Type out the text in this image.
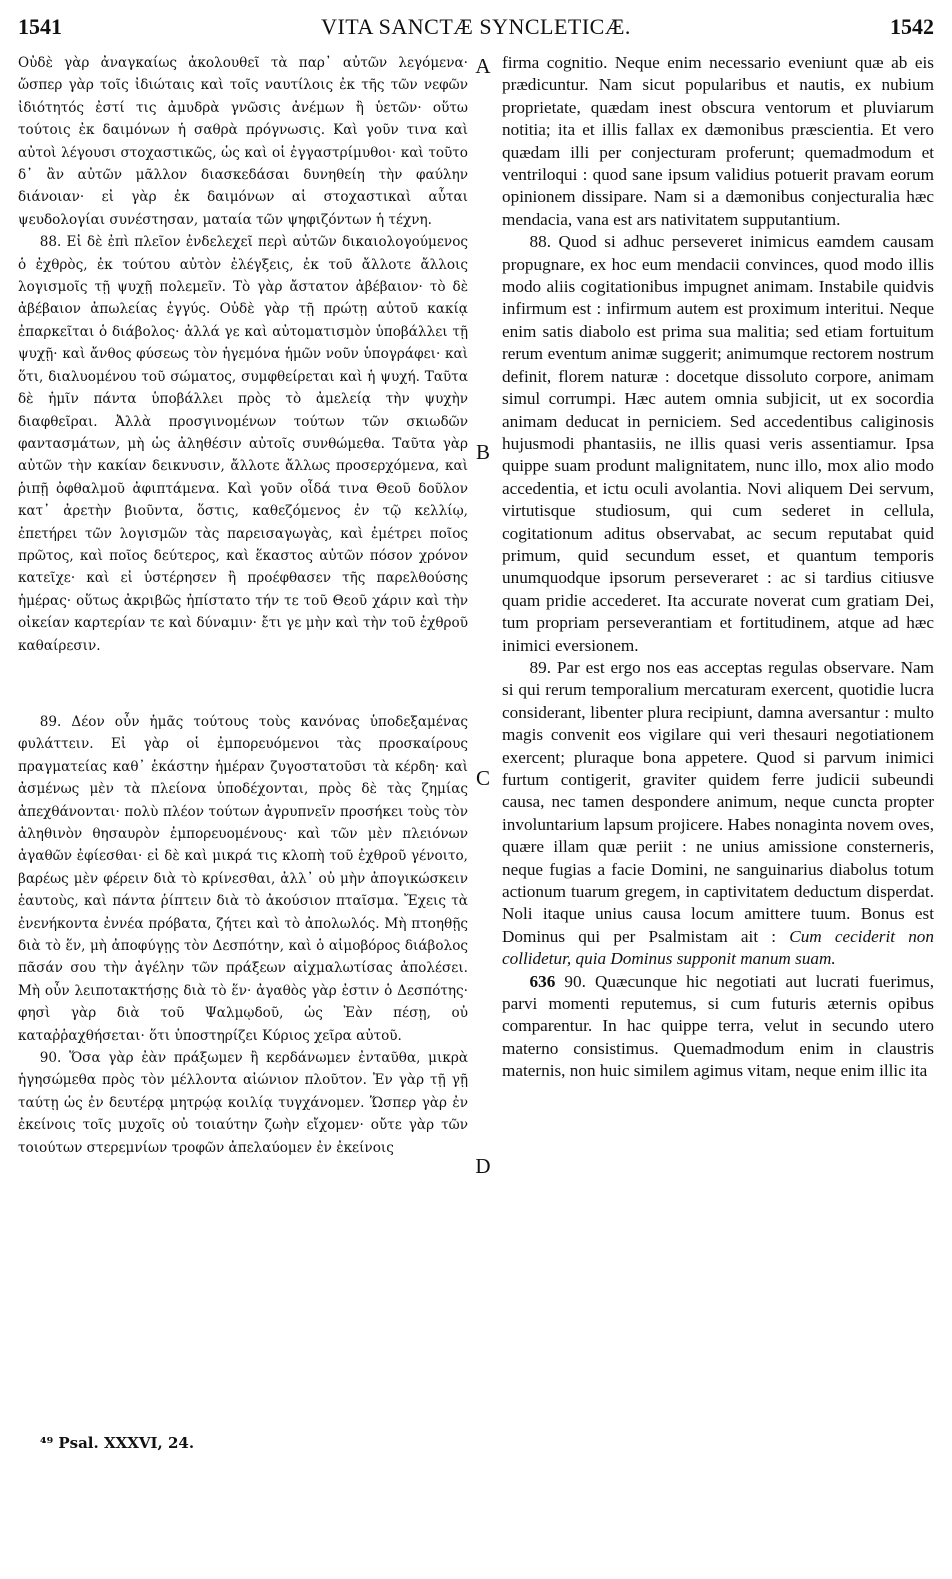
1541	VITA SANCTÆ SYNCLETICÆ.	1542

Οὐδὲ γὰρ ἀναγκαίως ἀκολουθεῖ τὰ παρ᾽ αὐτῶν λεγόμενα· ὥσπερ γὰρ τοῖς ἰδιώταις καὶ τοῖς ναυτίλοις ἐκ τῆς τῶν νεφῶν ἰδιότητός ἐστί τις ἀμυδρὰ γνῶσις ἀνέμων ἢ ὑετῶν· οὕτω τούτοις ἐκ δαιμόνων ἡ σαθρὰ πρόγνωσις. Καὶ γοῦν τινα καὶ αὐτοὶ λέγουσι στοχαστικῶς, ὡς καὶ οἱ ἐγγαστρίμυθοι· καὶ τοῦτο δ᾽ ἂν αὐτῶν μᾶλλον διασκεδάσαι δυνηθείη τὴν φαύλην διάνοιαν· εἰ γὰρ ἐκ δαιμόνων αἱ στοχαστικαὶ αὗται ψευδολογίαι συνέστησαν, ματαία τῶν ψηφιζόντων ἡ τέχνη.

88. Εἰ δὲ ἐπὶ πλεῖον ἐνδελεχεῖ περὶ αὐτῶν δικαιολογούμενος ὁ ἐχθρὸς, ἐκ τούτου αὐτὸν ἐλέγξεις, ἐκ τοῦ ἄλλοτε ἄλλοις λογισμοῖς τῇ ψυχῇ πολεμεῖν. Τὸ γὰρ ἄστατον ἀβέβαιον· τὸ δὲ ἀβέβαιον ἀπωλείας ἐγγύς. Οὐδὲ γὰρ τῇ πρώτῃ αὐτοῦ κακίᾳ ἐπαρκεῖται ὁ διάβολος· ἀλλά γε καὶ αὐτοματισμὸν ὑποβάλλει τῇ ψυχῇ· καὶ ἄνθος φύσεως τὸν ἡγεμόνα ἡμῶν νοῦν ὑπογράφει· καὶ ὅτι, διαλυομένου τοῦ σώματος, συμφθείρεται καὶ ἡ ψυχή. Ταῦτα δὲ ἡμῖν πάντα ὑποβάλλει πρὸς τὸ ἀμελείᾳ τὴν ψυχὴν διαφθεῖραι. Ἀλλὰ προσγινομένων τούτων τῶν σκιωδῶν φαντασμάτων, μὴ ὡς ἀληθέσιν αὐτοῖς συνθώμεθα. Ταῦτα γὰρ αὐτῶν τὴν κακίαν δεικνυσιν, ἄλλοτε ἄλλως προσερχόμενα, καὶ ῥιπῇ ὀφθαλμοῦ ἀφιπτάμενα. Καὶ γοῦν οἶδά τινα Θεοῦ δοῦλον κατ᾽ ἀρετὴν βιοῦντα, ὅστις, καθεζόμενος ἐν τῷ κελλίῳ, ἐπετήρει τῶν λογισμῶν τὰς παρεισαγωγὰς, καὶ ἐμέτρει ποῖος πρῶτος, καὶ ποῖος δεύτερος, καὶ ἕκαστος αὐτῶν πόσον χρόνον κατεῖχε· καὶ εἰ ὑστέρησεν ἢ προέφθασεν τῆς παρελθούσης ἡμέρας· οὕτως ἀκριβῶς ἠπίστατο τήν τε τοῦ Θεοῦ χάριν καὶ τὴν οἰκείαν καρτερίαν τε καὶ δύναμιν· ἔτι γε μὴν καὶ τὴν τοῦ ἐχθροῦ καθαίρεσιν.

89. Δέον οὖν ἡμᾶς τούτους τοὺς κανόνας ὑποδεξαμένας φυλάττειν. Εἰ γὰρ οἱ ἐμπορευόμενοι τὰς προσκαίρους πραγματείας καθ᾽ ἑκάστην ἡμέραν ζυγοστατοῦσι τὰ κέρδη· καὶ ἀσμένως μὲν τὰ πλείονα ὑποδέχονται, πρὸς δὲ τὰς ζημίας ἀπεχθάνονται· πολὺ πλέον τούτων ἀγρυπνεῖν προσήκει τοὺς τὸν ἀληθινὸν θησαυρὸν ἐμπορευομένους· καὶ τῶν μὲν πλειόνων ἀγαθῶν ἐφίεσθαι· εἰ δὲ καὶ μικρά τις κλοπὴ τοῦ ἐχθροῦ γένοιτο, βαρέως μὲν φέρειν διὰ τὸ κρίνεσθαι, ἀλλ᾽ οὐ μὴν ἀπογικώσκειν ἑαυτοὺς, καὶ πάντα ῥίπτειν διὰ τὸ ἀκούσιον πταῖσμα. Ἔχεις τὰ ἐνενήκοντα ἐννέα πρόβατα, ζήτει καὶ τὸ ἀπολωλός. Μὴ πτοηθῇς διὰ τὸ ἕν, μὴ ἀποφύγῃς τὸν Δεσπότην, καὶ ὁ αἱμοβόρος διάβολος πᾶσάν σου τὴν ἀγέλην τῶν πράξεων αἰχμαλωτίσας ἀπολέσει. Μὴ οὖν λειποτακτήσῃς διὰ τὸ ἕν· ἀγαθὸς γὰρ ἐστιν ὁ Δεσπότης· φησὶ γὰρ διὰ τοῦ Ψαλμῳδοῦ, ὡς Ἐὰν πέσῃ, οὐ καταῤῥαχθήσεται· ὅτι ὑποστηρίζει Κύριος χεῖρα αὐτοῦ.

90. Ὅσα γὰρ ἐὰν πράξωμεν ἢ κερδάνωμεν ἐνταῦθα, μικρὰ ἡγησώμεθα πρὸς τὸν μέλλοντα αἰώνιον πλοῦτον. Ἐν γὰρ τῇ γῇ ταύτῃ ὡς ἐν δευτέρᾳ μητρῴᾳ κοιλίᾳ τυγχάνομεν. Ὥσπερ γὰρ ἐν ἐκείνοις τοῖς μυχοῖς οὐ τοιαύτην ζωὴν εἴχομεν· οὔτε γὰρ τῶν τοιούτων στερεμνίων τροφῶν ἀπελαύομεν ἐν ἐκείνοις

A
B
C
D

firma cognitio. Neque enim necessario eveniunt quæ ab eis prædicuntur. Nam sicut popularibus et nautis, ex nubium proprietate, quædam inest obscura ventorum et pluviarum notitia; ita et illis fallax ex dæmonibus præscientia. Et vero quædam illi per conjecturam proferunt; quemadmodum et ventriloqui : quod sane ipsum validius potuerit pravam eorum opinionem dissipare. Nam si a dæmonibus conjecturalia hæc mendacia, vana est ars nativitatem supputantium.

88. Quod si adhuc perseveret inimicus eamdem causam propugnare, ex hoc eum mendacii convinces, quod modo illis modo aliis cogitationibus impugnet animam. Instabile quidvis infirmum est : infirmum autem est proximum interitui. Neque enim satis diabolo est prima sua malitia; sed etiam fortuitum rerum eventum animæ suggerit; animumque rectorem nostrum definit, florem naturæ : docetque dissoluto corpore, animam simul corrumpi. Hæc autem omnia subjicit, ut ex socordia animam deducat in perniciem. Sed accedentibus caliginosis hujusmodi phantasiis, ne illis quasi veris assentiamur. Ipsa quippe suam produnt malignitatem, nunc illo, mox alio modo accedentia, et ictu oculi avolantia. Novi aliquem Dei servum, virtutisque studiosum, qui cum sederet in cellula, cogitationum aditus observabat, ac secum reputabat quid primum, quid secundum esset, et quantum temporis unumquodque ipsorum perseveraret : ac si tardius citiusve quam pridie accederet. Ita accurate noverat cum gratiam Dei, tum propriam perseverantiam et fortitudinem, atque ad hæc inimici eversionem.

89. Par est ergo nos eas acceptas regulas observare. Nam si qui rerum temporalium mercaturam exercent, quotidie lucra considerant, libenter plura recipiunt, damna aversantur : multo magis convenit eos vigilare qui veri thesauri negotiationem exercent; pluraque bona appetere. Quod si parvum inimici furtum contigerit, graviter quidem ferre judicii subeundi causa, nec tamen despondere animum, neque cuncta propter involuntarium lapsum projicere. Habes nonaginta novem oves, quære illam quæ periit : ne unius amissione consterneris, neque fugias a facie Domini, ne sanguinarius diabolus totum actionum tuarum gregem, in captivitatem deductum disperdat. Noli itaque unius causa locum amittere tuum. Bonus est Dominus qui per Psalmistam ait : Cum ceciderit non collidetur, quia Dominus supponit manum suam.

636 90. Quæcunque hic negotiati aut lucrati fuerimus, parvi momenti reputemus, si cum futuris æternis opibus comparentur. In hac quippe terra, velut in secundo utero materno consistimus. Quemadmodum enim in claustris maternis, non huic similem agimus vitam, neque enim illic ita

⁴⁹ Psal. XXXVI, 24.
